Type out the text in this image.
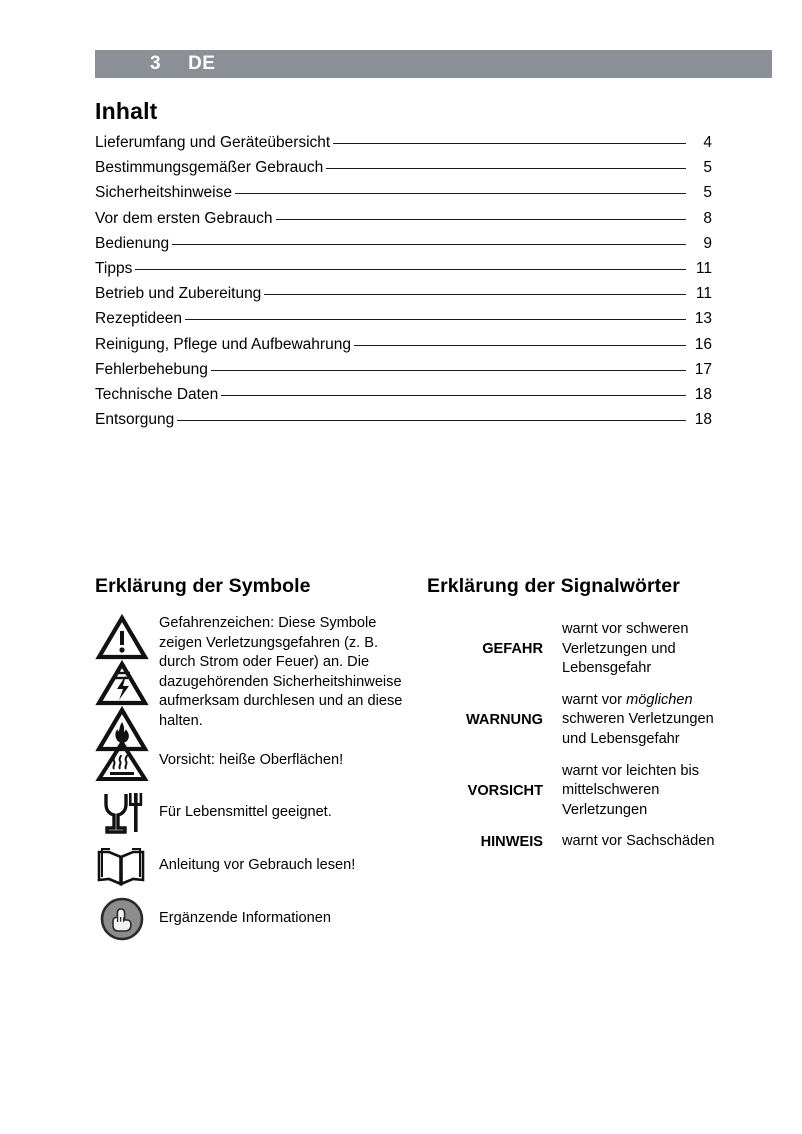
3 DE
Inhalt
Lieferumfang und Geräteübersicht	4
Bestimmungsgemäßer Gebrauch	5
Sicherheitshinweise	5
Vor dem ersten Gebrauch	8
Bedienung	9
Tipps	11
Betrieb und Zubereitung	11
Rezeptideen	13
Reinigung, Pflege und Aufbewahrung	16
Fehlerbehebung	17
Technische Daten	18
Entsorgung	18
Erklärung der Symbole
Gefahrenzeichen: Diese Symbole zeigen Verletzungsgefahren (z. B. durch Strom oder Feuer) an. Die dazugehörenden Sicherheitshinweise aufmerksam durchlesen und an diese halten.
Vorsicht: heiße Oberflächen!
Für Lebensmittel geeignet.
Anleitung vor Gebrauch lesen!
Ergänzende Informationen
Erklärung der Signalwörter
GEFAHR	warnt vor schweren Verletzungen und Lebensgefahr
WARNUNG	warnt vor möglichen schweren Verletzungen und Lebensgefahr
VORSICHT	warnt vor leichten bis mittelschweren Verletzungen
HINWEIS	warnt vor Sachschäden
